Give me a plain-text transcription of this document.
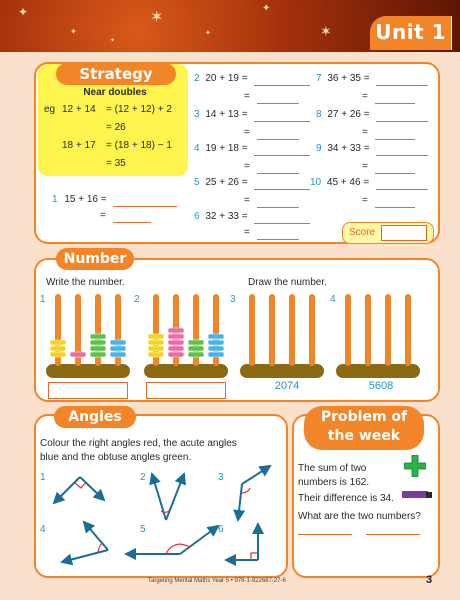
✦
✦
✶
✦
✦
✶
✦	Unit 1
Strategy
Near doubles
eg 12 + 14 = (12 + 12) + 2
= 26
18 + 17 = (18 + 18) − 1
= 35
1 15 + 16 =
=
2 20 + 19 =
=
3 14 + 13 =
=
4 19 + 18 =
=
5 25 + 26 =
=
6 32 + 33 =
=
7 36 + 35 =
=
8 27 + 26 =
=
9 34 + 33 =
=
10 45 + 46 =
=
Score
Number
Write the number.	Draw the number.
1	2	3	4
2074	5608
Angles
Colour the right angles red, the acute angles
blue and the obtuse angles green.
1	2	3
4	5	6
Problem of
the week
The sum of two
numbers is 162.
Their difference is 34.
What are the two numbers?
Targeting Mental Maths Year 5 • 978-1-922687-27-6	3
